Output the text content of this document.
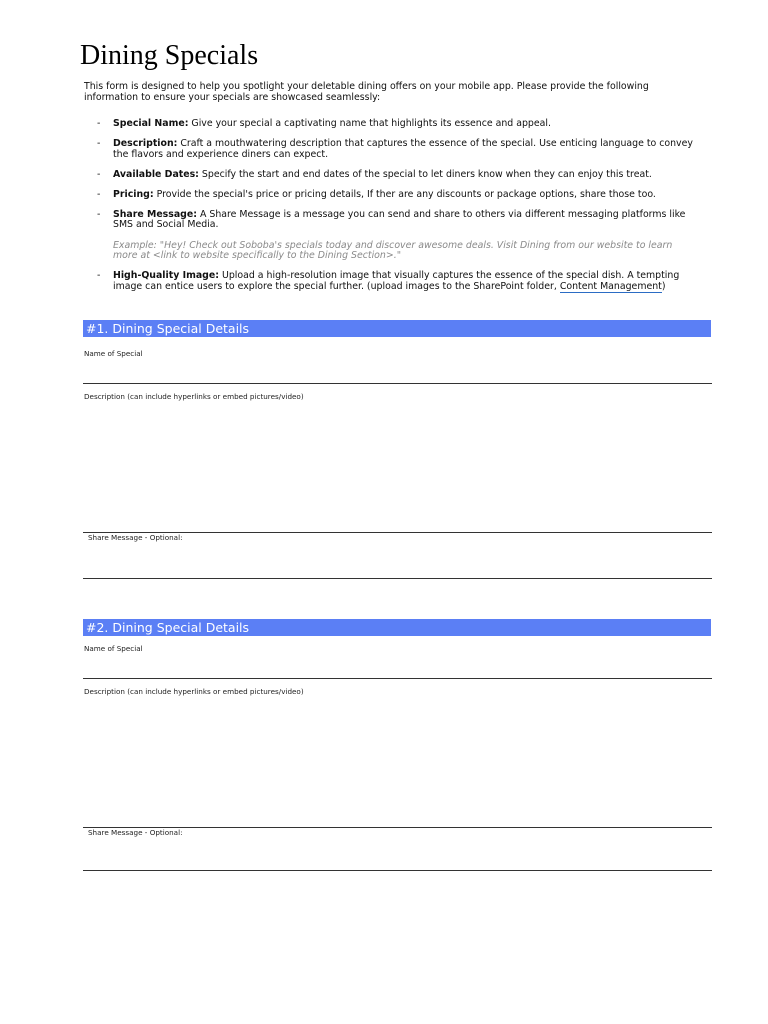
Dining Specials
This form is designed to help you spotlight your deletable dining offers on your mobile app. Please provide the following information to ensure your specials are showcased seamlessly:
- Special Name: Give your special a captivating name that highlights its essence and appeal.
- Description: Craft a mouthwatering description that captures the essence of the special. Use enticing language to convey the flavors and experience diners can expect.
- Available Dates: Specify the start and end dates of the special to let diners know when they can enjoy this treat.
- Pricing: Provide the special's price or pricing details, If ther are any discounts or package options, share those too.
- Share Message: A Share Message is a message you can send and share to others via different messaging platforms like SMS and Social Media.
Example: "Hey! Check out Soboba's specials today and discover awesome deals. Visit Dining from our website to learn more at <link to website specifically to the Dining Section>."
- High-Quality Image: Upload a high-resolution image that visually captures the essence of the special dish. A tempting image can entice users to explore the special further. (upload images to the SharePoint folder, Content Management)
#1. Dining Special Details
Name of Special
Description (can include hyperlinks or embed pictures/video)
Share Message - Optional:
#2. Dining Special Details
Name of Special
Description (can include hyperlinks or embed pictures/video)
Share Message - Optional:
